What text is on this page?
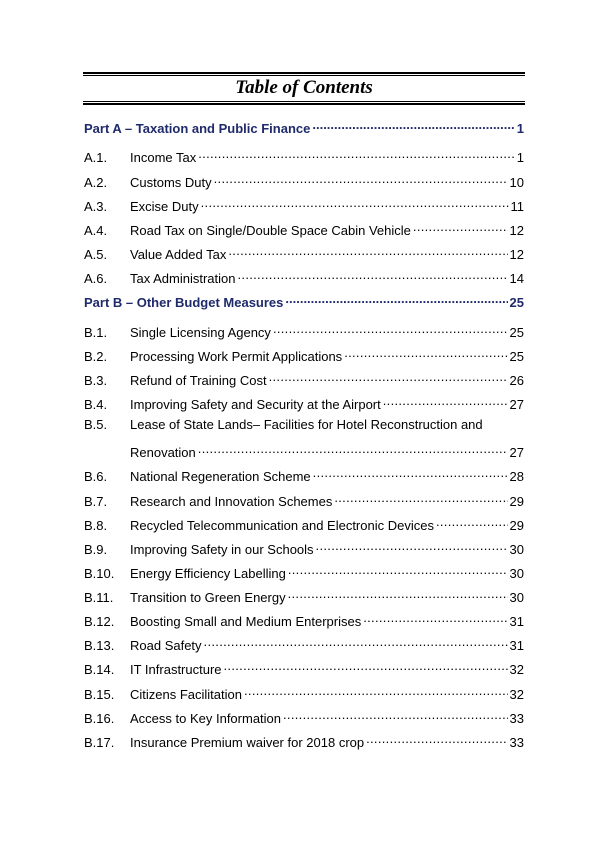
Table of Contents
Part A – Taxation and Public Finance .....	1
A.1.	Income Tax .....	1
A.2.	Customs Duty .....	10
A.3.	Excise Duty .....	11
A.4.	Road Tax on Single/Double Space Cabin Vehicle .....	12
A.5.	Value Added Tax .....	12
A.6.	Tax Administration .....	14
Part B – Other Budget Measures .....	25
B.1.	Single Licensing Agency .....	25
B.2.	Processing Work Permit Applications .....	25
B.3.	Refund of Training Cost .....	26
B.4.	Improving Safety and Security at the Airport .....	27
B.5.	Lease of State Lands– Facilities for Hotel Reconstruction and
Renovation .....	27
B.6.	National Regeneration Scheme .....	28
B.7.	Research and Innovation Schemes .....	29
B.8.	Recycled Telecommunication and Electronic Devices .....	29
B.9.	Improving Safety in our Schools .....	30
B.10.	Energy Efficiency Labelling .....	30
B.11.	Transition to Green Energy .....	30
B.12.	Boosting Small and Medium Enterprises .....	31
B.13.	Road Safety .....	31
B.14.	IT Infrastructure .....	32
B.15.	Citizens Facilitation .....	32
B.16.	Access to Key Information .....	33
B.17.	Insurance Premium waiver for 2018 crop .....	33
